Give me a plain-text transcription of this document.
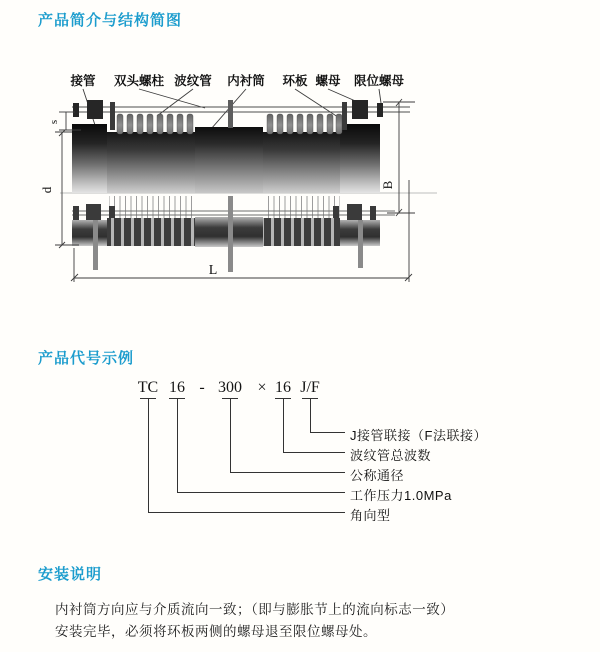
产品简介与结构简图
接管 双头螺柱 波纹管 内衬筒 环板 螺母 限位螺母
s
d
B
L
产品代号示例
TC 16 - 300 × 16 J/F
J接管联接（F法联接）
波纹管总波数
公称通径
工作压力1.0MPa
角向型
安装说明
内衬筒方向应与介质流向一致；（即与膨胀节上的流向标志一致）
安装完毕，必须将环板两侧的螺母退至限位螺母处。
